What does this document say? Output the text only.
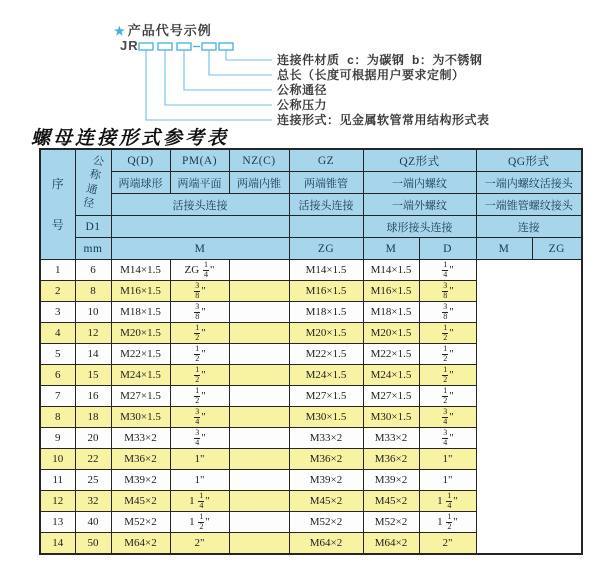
★ 产品代号示例
JR
连接件材质  c：为碳钢  b：为不锈钢
总长（长度可根据用户要求定制）
公称通径
公称压力
连接形式：见金属软管常用结构形式表
螺母连接形式参考表
序号	公称通径	Q(D)	PM(A)	NZ(C)	GZ	QZ形式		QG形式	
		两端球形	两端平面	两端内锥	两端锥管	一端内螺纹		一端内螺纹活接头	
		活接头连接			活接头连接	一端外螺纹		一端锥管螺纹接头	
	D1					球形接头连接		连接	
	mm	M			ZG	M	D	M	ZG
1	6	M14×1.5	ZG $\frac{1}{4}$ "		M14×1.5	M14×1.5	$\frac{1}{4}$ "		
2	8	M16×1.5	$\frac{3}{8}$ "		M16×1.5	M16×1.5	$\frac{3}{8}$ "		
3	10	M18×1.5	$\frac{3}{8}$ "		M18×1.5	M18×1.5	$\frac{3}{8}$ "		
4	12	M20×1.5	$\frac{1}{2}$ "		M20×1.5	M20×1.5	$\frac{1}{2}$ "		
5	14	M22×1.5	$\frac{1}{2}$ "		M22×1.5	M22×1.5	$\frac{1}{2}$ "		
6	15	M24×1.5	$\frac{1}{2}$ "		M24×1.5	M24×1.5	$\frac{1}{2}$ "		
7	16	M27×1.5	$\frac{1}{2}$ "		M27×1.5	M27×1.5	$\frac{1}{2}$ "		
8	18	M30×1.5	$\frac{3}{4}$ "		M30×1.5	M30×1.5	$\frac{3}{4}$ "		
9	20	M33×2	$\frac{3}{4}$ "		M33×2	M33×2	$\frac{3}{4}$ "		
10	22	M36×2	1"		M36×2	M36×2	1"		
11	25	M39×2	1"		M39×2	M39×2	1"		
12	32	M45×2	$1 \frac{1}{4}$ "		M45×2	M45×2	$1 \frac{1}{4}$ "		
13	40	M52×2	$1 \frac{1}{2}$ "		M52×2	M52×2	$1 \frac{1}{2}$ "		
14	50	M64×2	2"		M64×2	M64×2	2"		
